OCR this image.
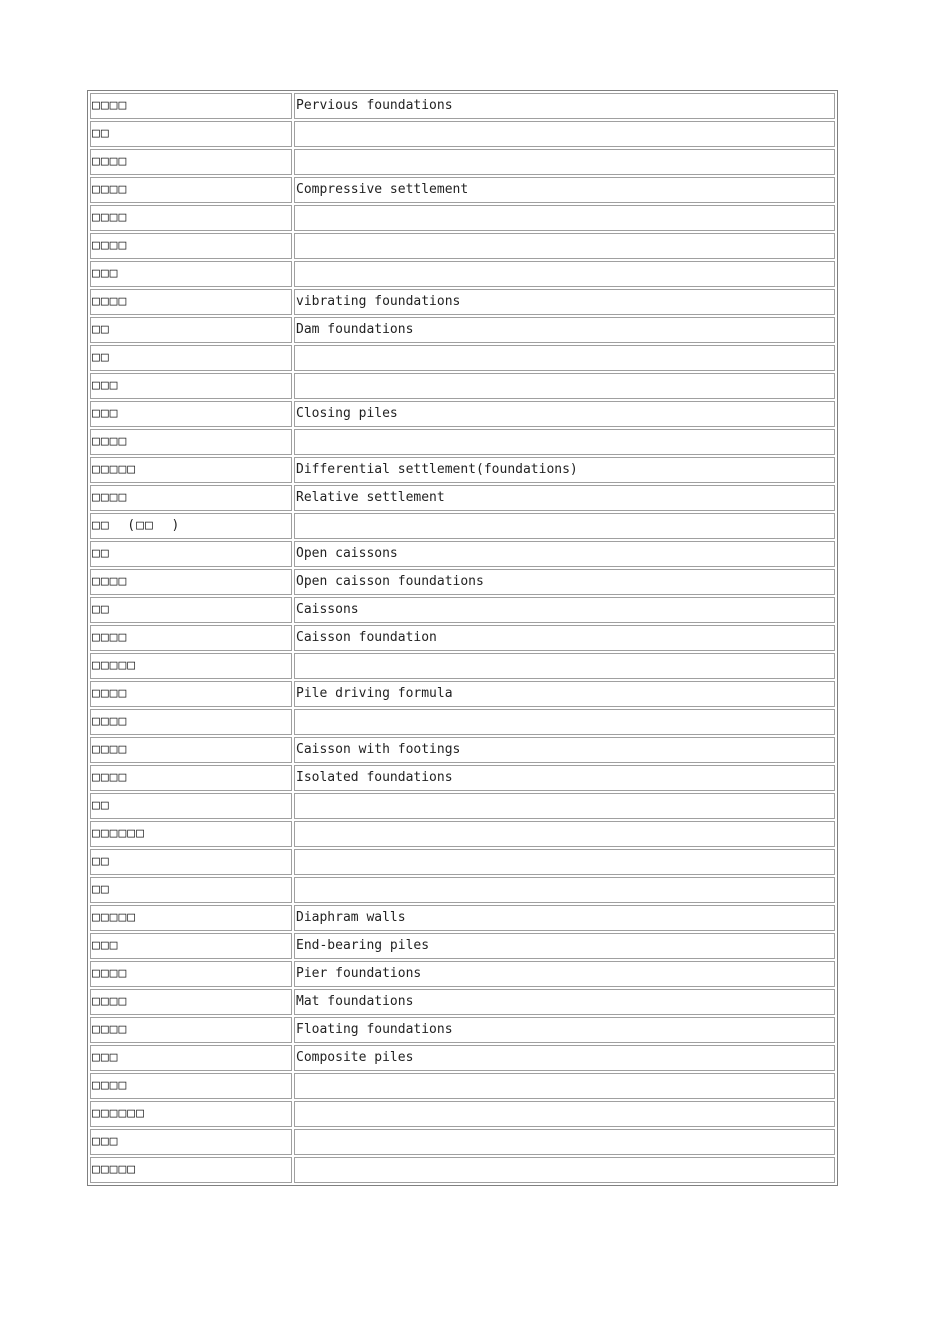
□□□□	Pervious foundations
□□	
□□□□	
□□□□	Compressive settlement
□□□□	
□□□□	
□□□	
□□□□	vibrating foundations
□□	Dam foundations
□□	
□□□	
□□□	Closing piles
□□□□	
□□□□□	Differential settlement(foundations)
□□□□	Relative settlement
□□  (□□  )	
□□	Open caissons
□□□□	Open caisson foundations
□□	Caissons
□□□□	Caisson foundation
□□□□□	
□□□□	Pile driving formula
□□□□	
□□□□	Caisson with footings
□□□□	Isolated foundations
□□	
□□□□□□	
□□	
□□	
□□□□□	Diaphram walls
□□□	End-bearing piles
□□□□	Pier foundations
□□□□	Mat foundations
□□□□	Floating foundations
□□□	Composite piles
□□□□	
□□□□□□	
□□□	
□□□□□	
